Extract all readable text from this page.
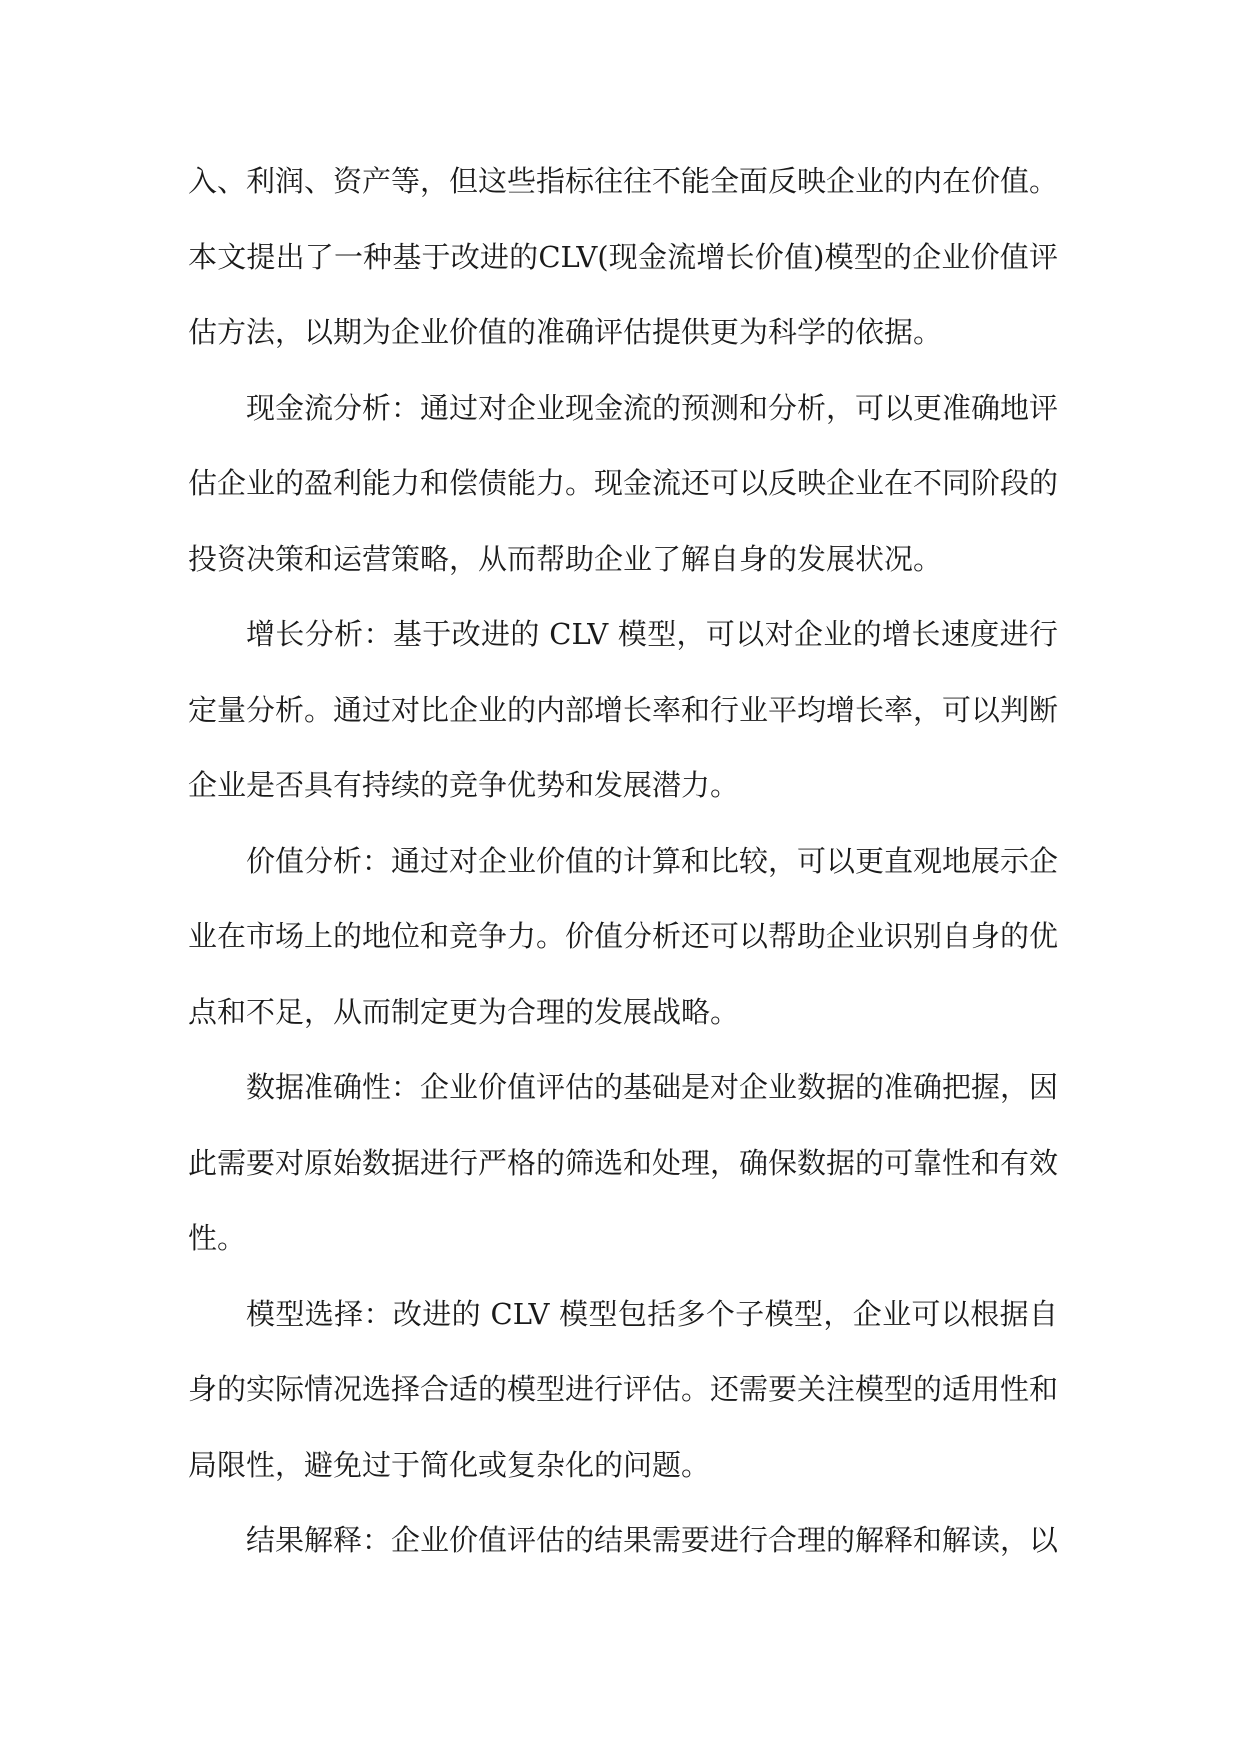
入、利润、资产等，但这些指标往往不能全面反映企业的内在价值。本文提出了一种基于改进的CLV(现金流增长价值)模型的企业价值评估方法，以期为企业价值的准确评估提供更为科学的依据。

现金流分析：通过对企业现金流的预测和分析，可以更准确地评估企业的盈利能力和偿债能力。现金流还可以反映企业在不同阶段的投资决策和运营策略，从而帮助企业了解自身的发展状况。

增长分析：基于改进的 CLV 模型，可以对企业的增长速度进行定量分析。通过对比企业的内部增长率和行业平均增长率，可以判断企业是否具有持续的竞争优势和发展潜力。

价值分析：通过对企业价值的计算和比较，可以更直观地展示企业在市场上的地位和竞争力。价值分析还可以帮助企业识别自身的优点和不足，从而制定更为合理的发展战略。

数据准确性：企业价值评估的基础是对企业数据的准确把握，因此需要对原始数据进行严格的筛选和处理，确保数据的可靠性和有效性。

模型选择：改进的 CLV 模型包括多个子模型，企业可以根据自身的实际情况选择合适的模型进行评估。还需要关注模型的适用性和局限性，避免过于简化或复杂化的问题。

结果解释：企业价值评估的结果需要进行合理的解释和解读，以
